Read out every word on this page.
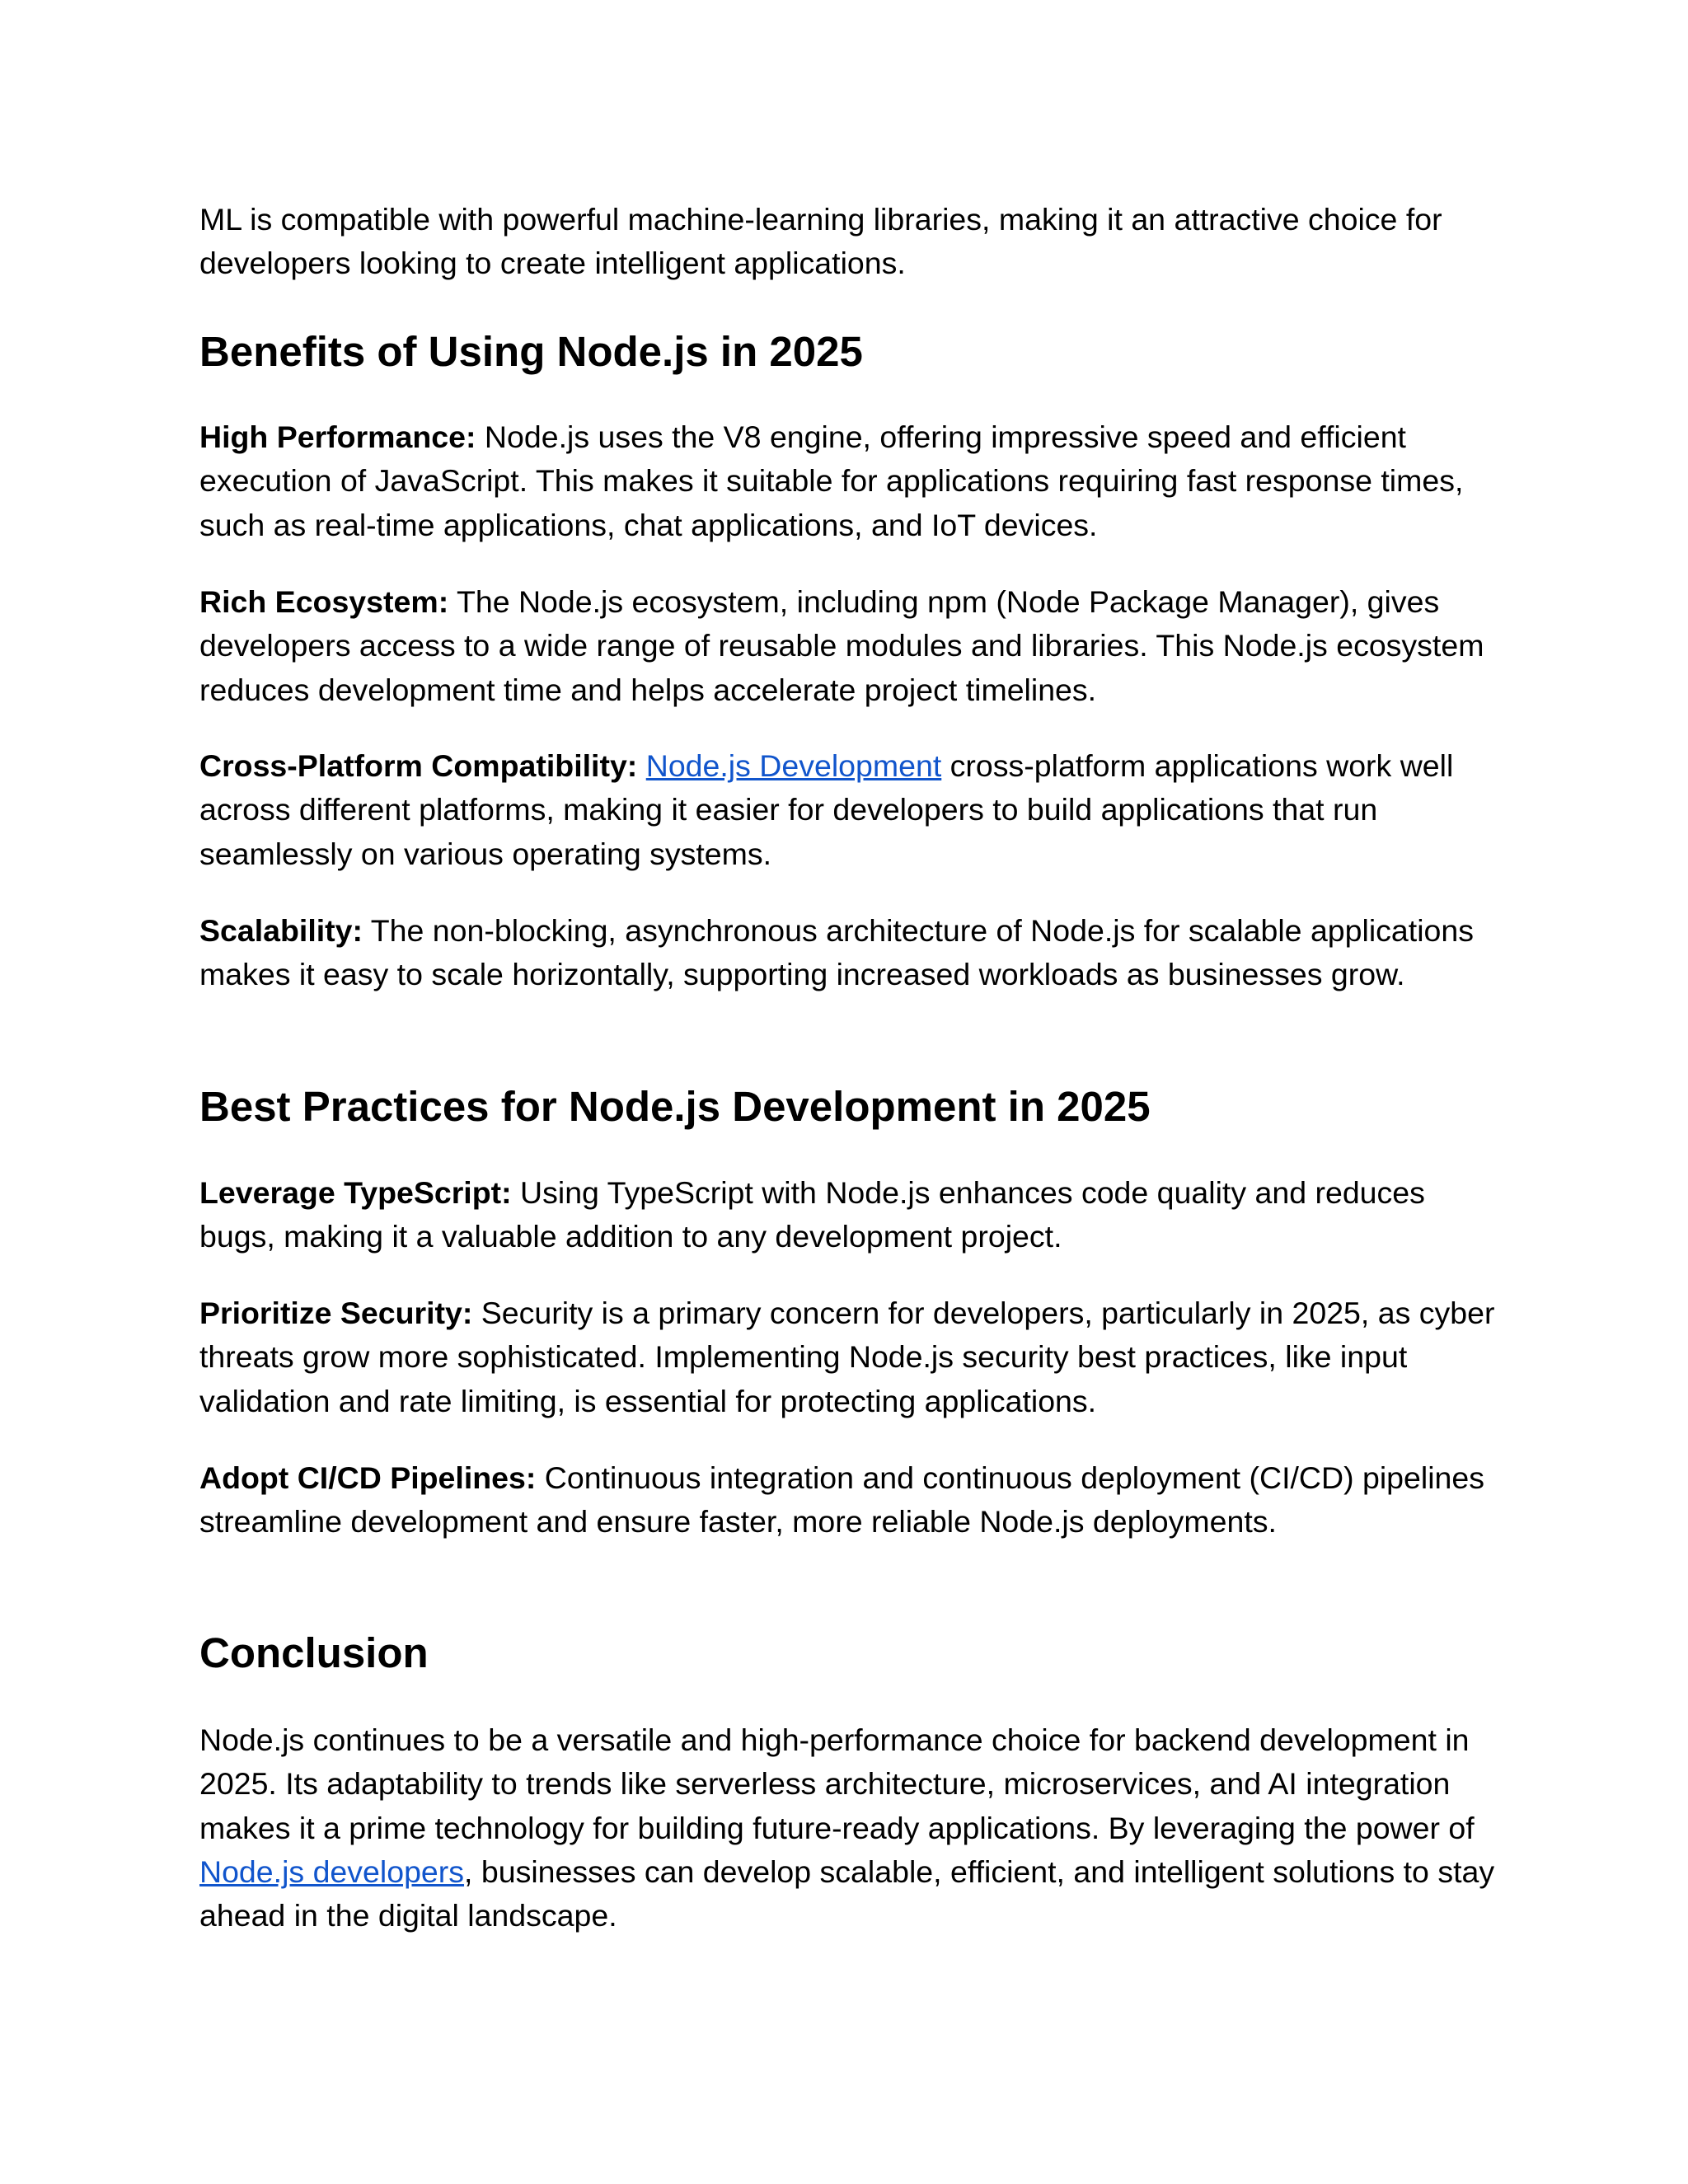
ML is compatible with powerful machine-learning libraries, making it an attractive choice for developers looking to create intelligent applications.

Benefits of Using Node.js in 2025

High Performance: Node.js uses the V8 engine, offering impressive speed and efficient execution of JavaScript. This makes it suitable for applications requiring fast response times, such as real-time applications, chat applications, and IoT devices.

Rich Ecosystem: The Node.js ecosystem, including npm (Node Package Manager), gives developers access to a wide range of reusable modules and libraries. This Node.js ecosystem reduces development time and helps accelerate project timelines.

Cross-Platform Compatibility: Node.js Development cross-platform applications work well across different platforms, making it easier for developers to build applications that run seamlessly on various operating systems.

Scalability: The non-blocking, asynchronous architecture of Node.js for scalable applications makes it easy to scale horizontally, supporting increased workloads as businesses grow.

Best Practices for Node.js Development in 2025

Leverage TypeScript: Using TypeScript with Node.js enhances code quality and reduces bugs, making it a valuable addition to any development project.

Prioritize Security: Security is a primary concern for developers, particularly in 2025, as cyber threats grow more sophisticated. Implementing Node.js security best practices, like input validation and rate limiting, is essential for protecting applications.

Adopt CI/CD Pipelines: Continuous integration and continuous deployment (CI/CD) pipelines streamline development and ensure faster, more reliable Node.js deployments.

Conclusion

Node.js continues to be a versatile and high-performance choice for backend development in 2025. Its adaptability to trends like serverless architecture, microservices, and AI integration makes it a prime technology for building future-ready applications. By leveraging the power of Node.js developers, businesses can develop scalable, efficient, and intelligent solutions to stay ahead in the digital landscape.
